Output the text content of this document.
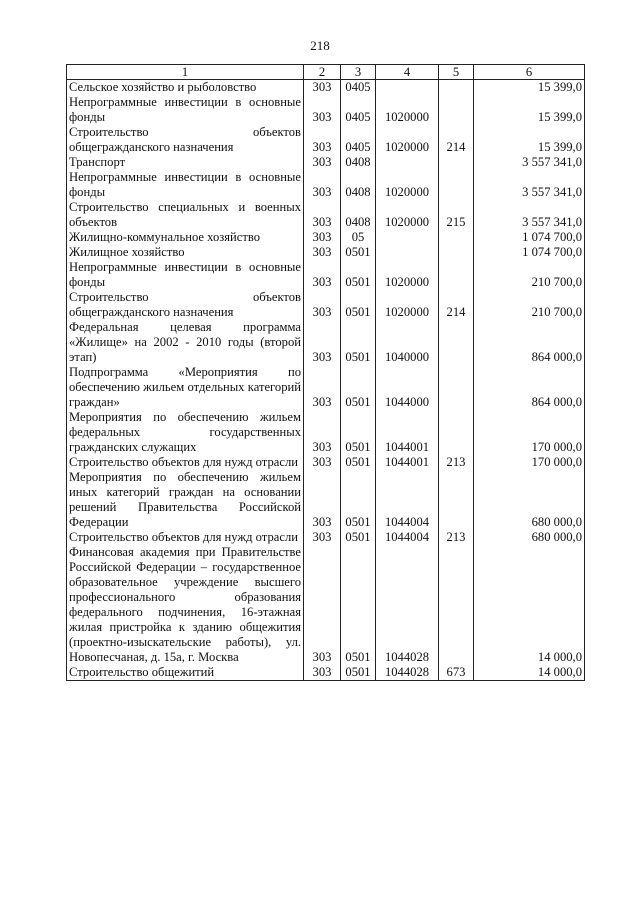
218
1	2	3	4	5	6
Сельское хозяйство и рыболовство	303	0405			15 399,0
Непрограммные инвестиции в основные фонды	303	0405	1020000		15 399,0
Строительство объектов общегражданского назначения	303	0405	1020000	214	15 399,0
Транспорт	303	0408			3 557 341,0
Непрограммные инвестиции в основные фонды	303	0408	1020000		3 557 341,0
Строительство специальных и военных объектов	303	0408	1020000	215	3 557 341,0
Жилищно-коммунальное хозяйство	303	05			1 074 700,0
Жилищное хозяйство	303	0501			1 074 700,0
Непрограммные инвестиции в основные фонды	303	0501	1020000		210 700,0
Строительство объектов общегражданского назначения	303	0501	1020000	214	210 700,0
Федеральная целевая программа «Жилище» на 2002 - 2010 годы (второй этап)	303	0501	1040000		864 000,0
Подпрограмма «Мероприятия по обеспечению жильем отдельных категорий граждан»	303	0501	1044000		864 000,0
Мероприятия по обеспечению жильем федеральных государственных гражданских служащих	303	0501	1044001		170 000,0
Строительство объектов для нужд отрасли	303	0501	1044001	213	170 000,0
Мероприятия по обеспечению жильем иных категорий граждан на основании решений Правительства Российской Федерации	303	0501	1044004		680 000,0
Строительство объектов для нужд отрасли	303	0501	1044004	213	680 000,0
Финансовая академия при Правительстве Российской Федерации – государственное образовательное учреждение высшего профессионального образования федерального подчинения, 16-этажная жилая пристройка к зданию общежития (проектно-изыскательские работы), ул. Новопесчаная, д. 15а, г. Москва	303	0501	1044028		14 000,0
Строительство общежитий	303	0501	1044028	673	14 000,0
